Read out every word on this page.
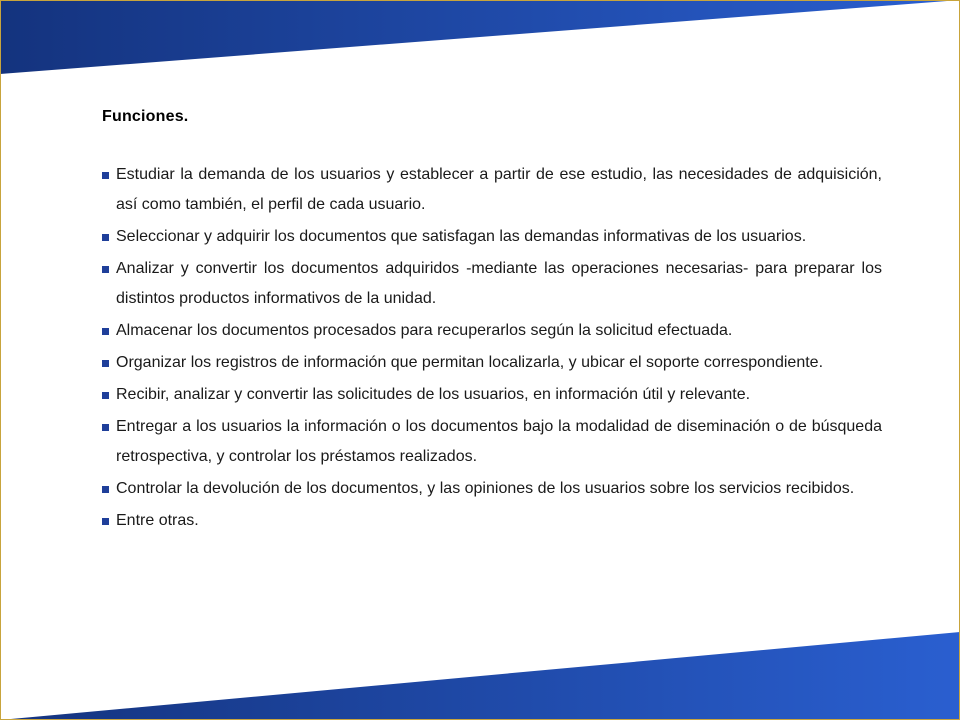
Funciones.
Estudiar la demanda de los usuarios y establecer a partir de ese estudio, las necesidades de adquisición, así como también, el perfil de cada usuario.
Seleccionar y adquirir los documentos que satisfagan las demandas informativas de los usuarios.
Analizar y convertir los documentos adquiridos -mediante las operaciones necesarias- para preparar los distintos productos informativos de la unidad.
Almacenar los documentos procesados para recuperarlos según la solicitud efectuada.
Organizar los registros de información que permitan localizarla, y ubicar el soporte correspondiente.
Recibir, analizar y convertir las solicitudes de los usuarios, en información útil y relevante.
Entregar a los usuarios la información o los documentos bajo la modalidad de diseminación o de búsqueda retrospectiva, y controlar los préstamos realizados.
Controlar la devolución de los documentos, y las opiniones de los usuarios sobre los servicios recibidos.
Entre otras.
